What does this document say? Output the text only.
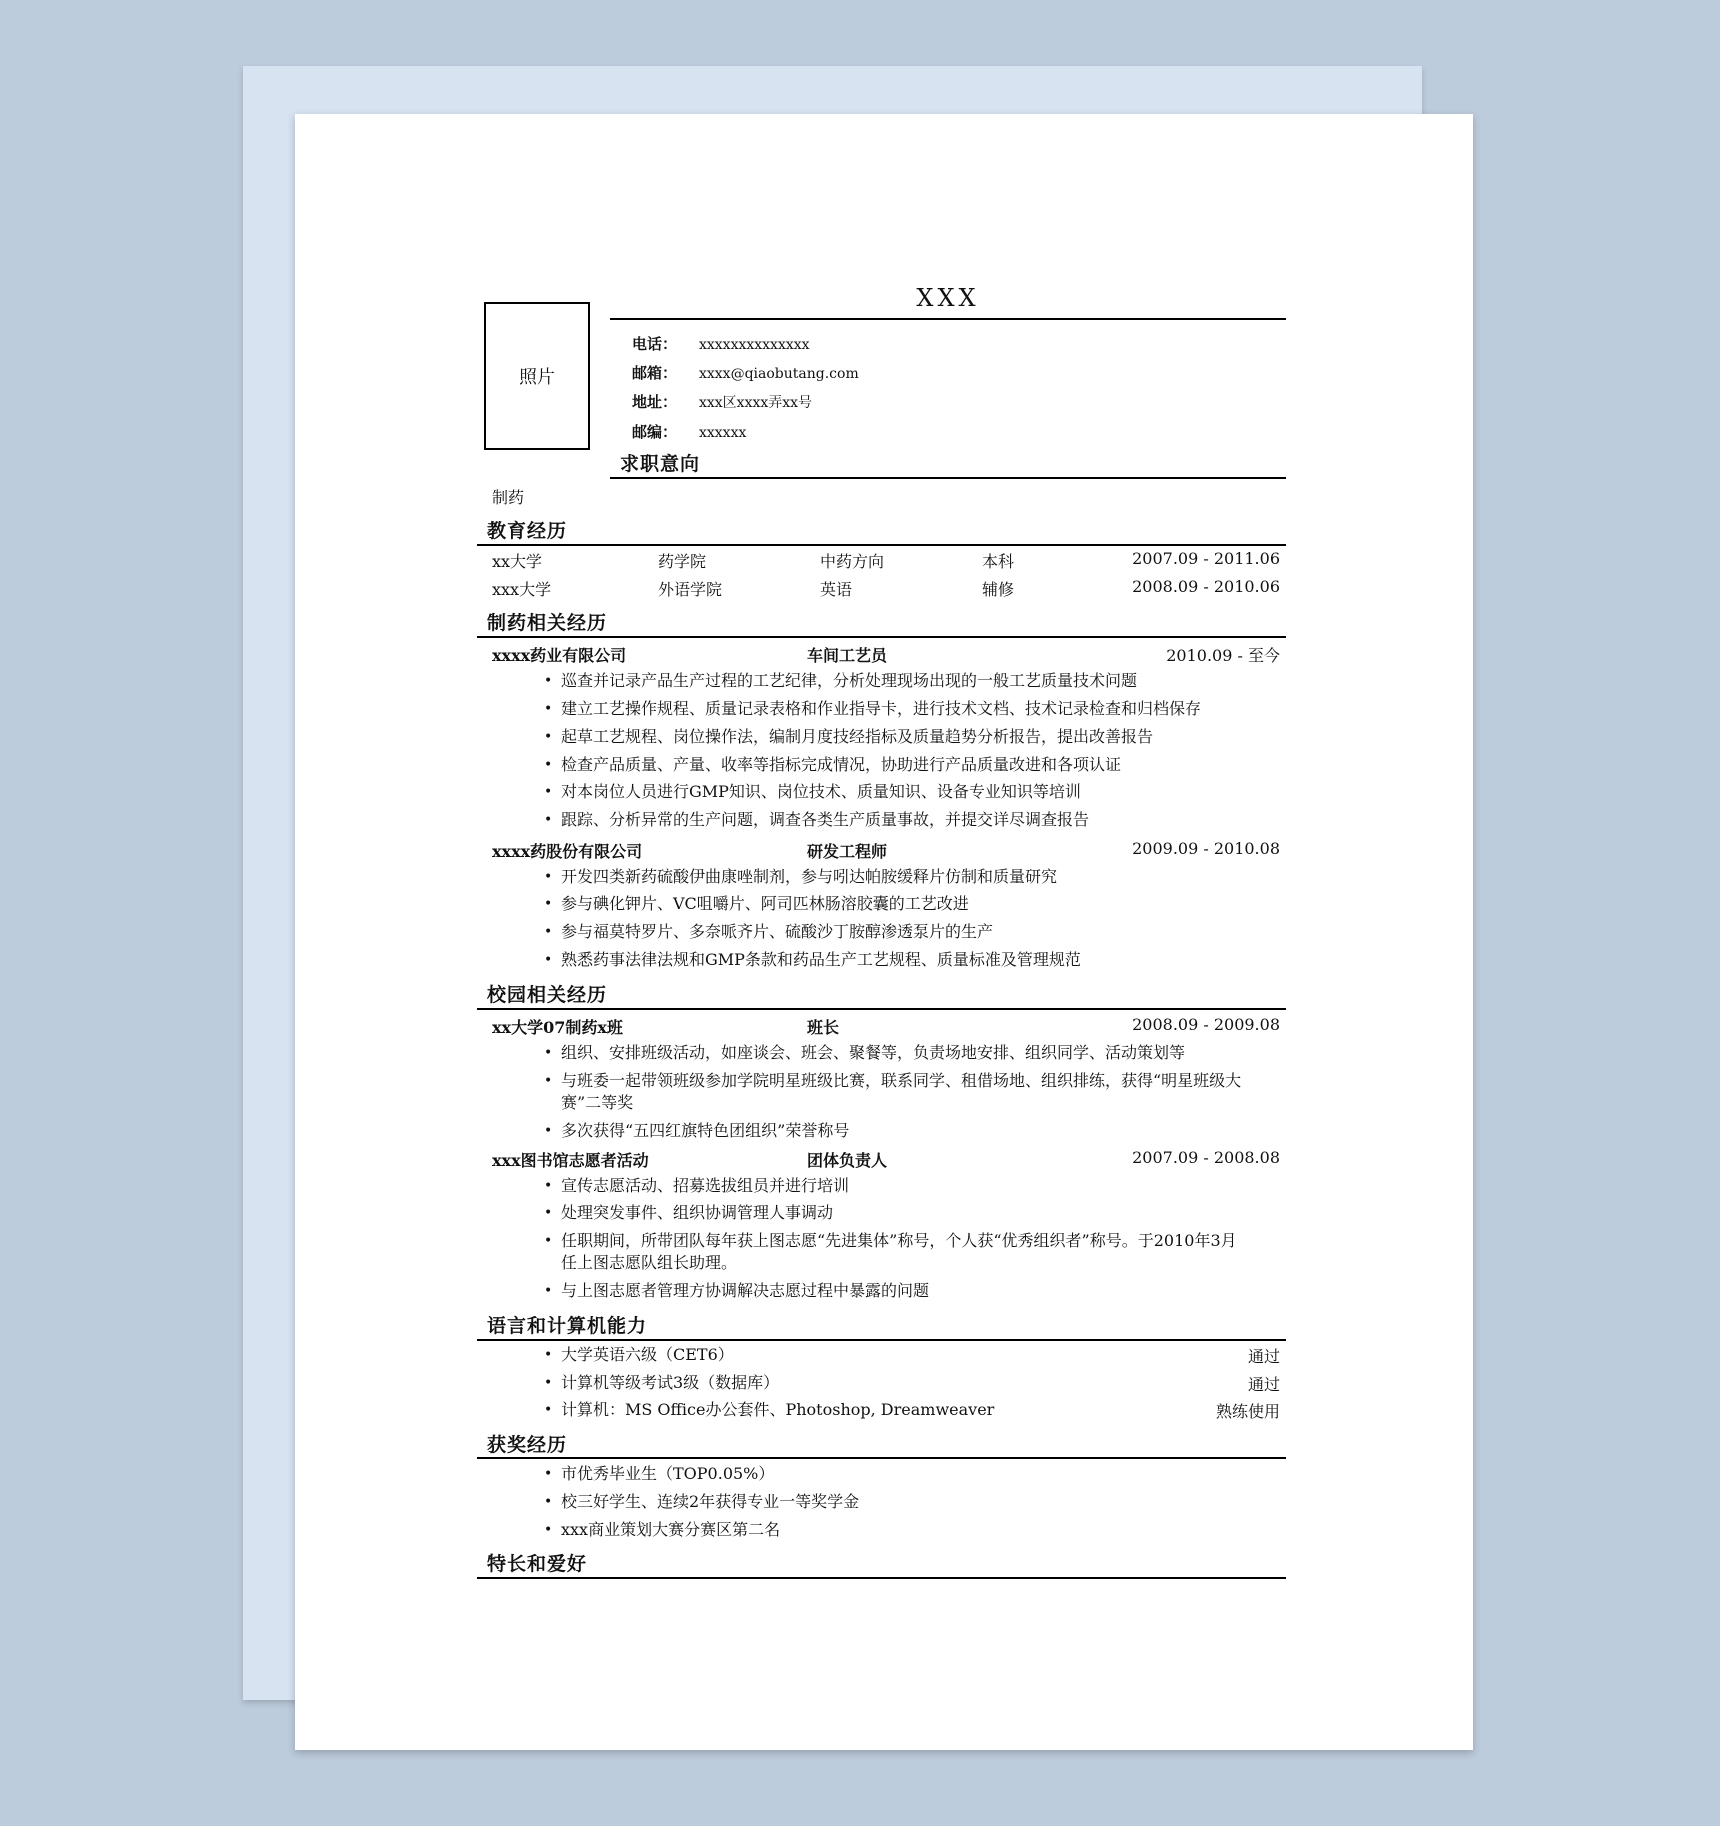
照片
XXX
电话： xxxxxxxxxxxxxx
邮箱： xxxx@qiaobutang.com
地址： xxx区xxxx弄xx号
邮编： xxxxxx
求职意向
制药
教育经历
xx大学	药学院	中药方向	本科	2007.09 - 2011.06
xxx大学	外语学院	英语	辅修	2008.09 - 2010.06
制药相关经历
xxxx药业有限公司	车间工艺员	2010.09 - 至今
• 巡查并记录产品生产过程的工艺纪律，分析处理现场出现的一般工艺质量技术问题
• 建立工艺操作规程、质量记录表格和作业指导卡，进行技术文档、技术记录检查和归档保存
• 起草工艺规程、岗位操作法，编制月度技经指标及质量趋势分析报告，提出改善报告
• 检查产品质量、产量、收率等指标完成情况，协助进行产品质量改进和各项认证
• 对本岗位人员进行GMP知识、岗位技术、质量知识、设备专业知识等培训
• 跟踪、分析异常的生产问题，调查各类生产质量事故，并提交详尽调查报告
xxxx药股份有限公司	研发工程师	2009.09 - 2010.08
• 开发四类新药硫酸伊曲康唑制剂，参与吲达帕胺缓释片仿制和质量研究
• 参与碘化钾片、VC咀嚼片、阿司匹林肠溶胶囊的工艺改进
• 参与福莫特罗片、多奈哌齐片、硫酸沙丁胺醇渗透泵片的生产
• 熟悉药事法律法规和GMP条款和药品生产工艺规程、质量标准及管理规范
校园相关经历
xx大学07制药x班	班长	2008.09 - 2009.08
• 组织、安排班级活动，如座谈会、班会、聚餐等，负责场地安排、组织同学、活动策划等
• 与班委一起带领班级参加学院明星班级比赛，联系同学、租借场地、组织排练，获得“明星班级大
赛”二等奖
• 多次获得“五四红旗特色团组织”荣誉称号
xxx图书馆志愿者活动	团体负责人	2007.09 - 2008.08
• 宣传志愿活动、招募选拔组员并进行培训
• 处理突发事件、组织协调管理人事调动
• 任职期间，所带团队每年获上图志愿“先进集体”称号，个人获“优秀组织者”称号。于2010年3月
任上图志愿队组长助理。
• 与上图志愿者管理方协调解决志愿过程中暴露的问题
语言和计算机能力
• 大学英语六级（CET6）	通过
• 计算机等级考试3级（数据库）	通过
• 计算机：MS Office办公套件、Photoshop, Dreamweaver	熟练使用
获奖经历
• 市优秀毕业生（TOP0.05%）
• 校三好学生、连续2年获得专业一等奖学金
• xxx商业策划大赛分赛区第二名
特长和爱好
